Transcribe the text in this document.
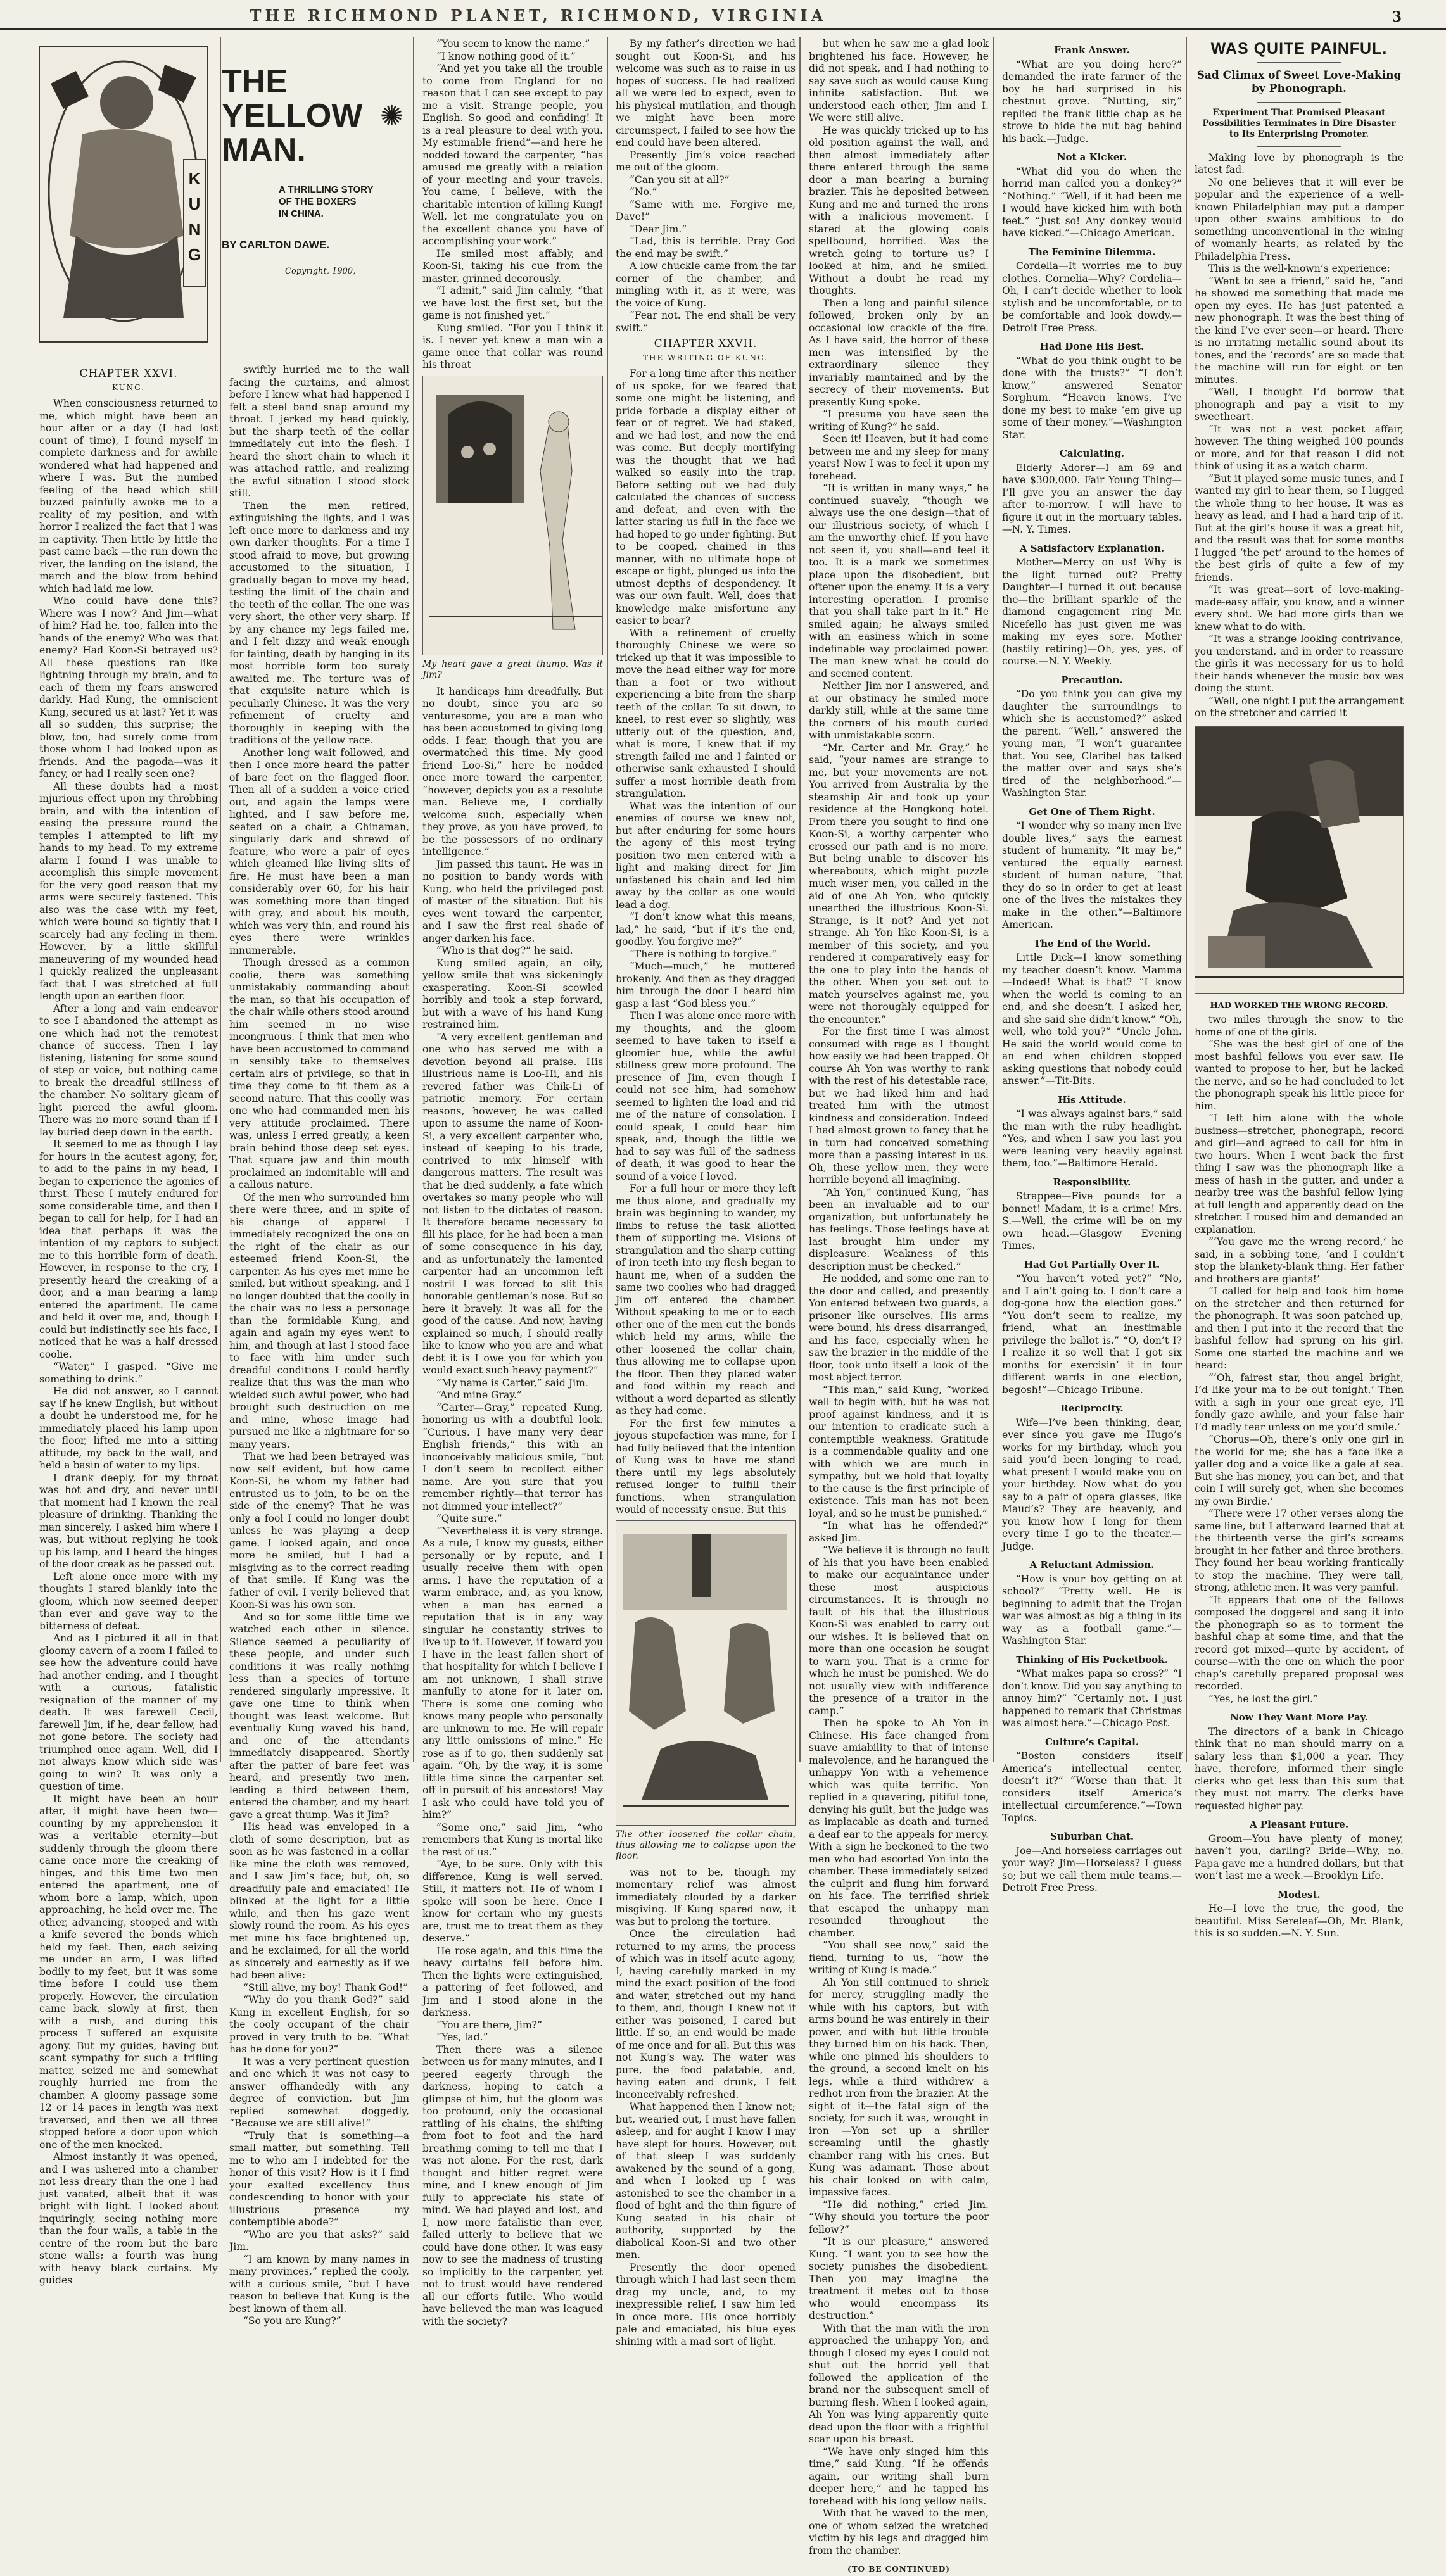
THE RICHMOND PLANET, RICHMOND, VIRGINIA	3
KUNG
THE
YELLOW
MAN.
A THRILLING STORY
OF THE BOXERS
IN CHINA.
BY CARLTON DAWE.
Copyright, 1900,
✺
CHAPTER XXVI.
KUNG.

When consciousness returned to me, which might have been an hour after or a day (I had lost count of time), I found myself in complete darkness and for awhile wondered what had happened and where I was. But the numbed feeling of the head which still buzzed painfully awoke me to a reality of my position, and with horror I realized the fact that I was in captivity. Then little by little the past came back —the run down the river, the landing on the island, the march and the blow from behind which had laid me low.

Who could have done this? Where was I now? And Jim—what of him? Had he, too, fallen into the hands of the enemy? Who was that enemy? Had Koon-Si betrayed us? All these questions ran like lightning through my brain, and to each of them my fears answered darkly. Had Kung, the omniscient Kung, secured us at last? Yet it was all so sudden, this surprise; the blow, too, had surely come from those whom I had looked upon as friends. And the pagoda—was it fancy, or had I really seen one?

All these doubts had a most injurious effect upon my throbbing brain, and with the intention of easing the pressure round the temples I attempted to lift my hands to my head. To my extreme alarm I found I was unable to accomplish this simple movement for the very good reason that my arms were securely fastened. This also was the case with my feet, which were bound so tightly that I scarcely had any feeling in them. However, by a little skillful maneuvering of my wounded head I quickly realized the unpleasant fact that I was stretched at full length upon an earthen floor.

After a long and vain endeavor to see I abandoned the attempt as one which had not the remotest chance of success. Then I lay listening, listening for some sound of step or voice, but nothing came to break the dreadful stillness of the chamber. No solitary gleam of light pierced the awful gloom. There was no more sound than if I lay buried deep down in the earth.

It seemed to me as though I lay for hours in the acutest agony, for, to add to the pains in my head, I began to experience the agonies of thirst. These I mutely endured for some considerable time, and then I began to call for help, for I had an idea that perhaps it was the intention of my captors to subject me to this horrible form of death. However, in response to the cry, I presently heard the creaking of a door, and a man bearing a lamp entered the apartment. He came and held it over me, and, though I could but indistinctly see his face, I noticed that he was a half dressed coolie.

“Water,” I gasped. “Give me something to drink.”

He did not answer, so I cannot say if he knew English, but without a doubt he understood me, for he immediately placed his lamp upon the floor, lifted me into a sitting attitude, my back to the wall, and held a basin of water to my lips.

I drank deeply, for my throat was hot and dry, and never until that moment had I known the real pleasure of drinking. Thanking the man sincerely, I asked him where I was, but without replying he took up his lamp, and I heard the hinges of the door creak as he passed out.

Left alone once more with my thoughts I stared blankly into the gloom, which now seemed deeper than ever and gave way to the bitterness of defeat.

And as I pictured it all in that gloomy cavern of a room I failed to see how the adventure could have had another ending, and I thought with a curious, fatalistic resignation of the manner of my death. It was farewell Cecil, farewell Jim, if he, dear fellow, had not gone before. The society had triumphed once again. Well, did I not always know which side was going to win? It was only a question of time.

It might have been an hour after, it might have been two—counting by my apprehension it was a veritable eternity—but suddenly through the gloom there came once more the creaking of hinges, and this time two men entered the apartment, one of whom bore a lamp, which, upon approaching, he held over me. The other, advancing, stooped and with a knife severed the bonds which held my feet. Then, each seizing me under an arm, I was lifted bodily to my feet, but it was some time before I could use them properly. However, the circulation came back, slowly at first, then with a rush, and during this process I suffered an exquisite agony. But my guides, having but scant sympathy for such a trifling matter, seized me and somewhat roughly hurried me from the chamber. A gloomy passage some 12 or 14 paces in length was next traversed, and then we all three stopped before a door upon which one of the men knocked.

Almost instantly it was opened, and I was ushered into a chamber not less dreary than the one I had just vacated, albeit that it was bright with light. I looked about inquiringly, seeing nothing more than the four walls, a table in the centre of the room but the bare stone walls; a fourth was hung with heavy black curtains. My guides

swiftly hurried me to the wall facing the curtains, and almost before I knew what had happened I felt a steel band snap around my throat. I jerked my head quickly, but the sharp teeth of the collar immediately cut into the flesh. I heard the short chain to which it was attached rattle, and realizing the awful situation I stood stock still.

Then the men retired, extinguishing the lights, and I was left once more to darkness and my own darker thoughts. For a time I stood afraid to move, but growing accustomed to the situation, I gradually began to move my head, testing the limit of the chain and the teeth of the collar. The one was very short, the other very sharp. If by any chance my legs failed me, and I felt dizzy and weak enough for fainting, death by hanging in its most horrible form too surely awaited me. The torture was of that exquisite nature which is peculiarly Chinese. It was the very refinement of cruelty and thoroughly in keeping with the traditions of the yellow race.

Another long wait followed, and then I once more heard the patter of bare feet on the flagged floor. Then all of a sudden a voice cried out, and again the lamps were lighted, and I saw before me, seated on a chair, a Chinaman, singularly dark and shrewd of feature, who wore a pair of eyes which gleamed like living slits of fire. He must have been a man considerably over 60, for his hair was something more than tinged with gray, and about his mouth, which was very thin, and round his eyes there were wrinkles innumerable.

Though dressed as a common coolie, there was something unmistakably commanding about the man, so that his occupation of the chair while others stood around him seemed in no wise incongruous. I think that men who have been accustomed to command in sensibly take to themselves certain airs of privilege, so that in time they come to fit them as a second nature. That this coolly was one who had commanded men his very attitude proclaimed. There was, unless I erred greatly, a keen brain behind those deep set eyes. That square jaw and thin mouth proclaimed an indomitable will and a callous nature.

Of the men who surrounded him there were three, and in spite of his change of apparel I immediately recognized the one on the right of the chair as our esteemed friend Koon-Si, the carpenter. As his eyes met mine he smiled, but without speaking, and I no longer doubted that the coolly in the chair was no less a personage than the formidable Kung, and again and again my eyes went to him, and though at last I stood face to face with him under such dreadful conditions I could hardly realize that this was the man who wielded such awful power, who had brought such destruction on me and mine, whose image had pursued me like a nightmare for so many years.

That we had been betrayed was now self evident, but how came Koon-Si, he whom my father had entrusted us to join, to be on the side of the enemy? That he was only a fool I could no longer doubt unless he was playing a deep game. I looked again, and once more he smiled, but I had a misgiving as to the correct reading of that smile. If Kung was the father of evil, I verily believed that Koon-Si was his own son.

And so for some little time we watched each other in silence. Silence seemed a peculiarity of these people, and under such conditions it was really nothing less than a species of torture rendered singularly impressive. It gave one time to think when thought was least welcome. But eventually Kung waved his hand, and one of the attendants immediately disappeared. Shortly after the patter of bare feet was heard, and presently two men, leading a third between them, entered the chamber, and my heart gave a great thump. Was it Jim?

His head was enveloped in a cloth of some description, but as soon as he was fastened in a collar like mine the cloth was removed, and I saw Jim’s face; but, oh, so dreadfully pale and emaciated! He blinked at the light for a little while, and then his gaze went slowly round the room. As his eyes met mine his face brightened up, and he exclaimed, for all the world as sincerely and earnestly as if we had been alive:

“Still alive, my boy! Thank God!”

“Why do you thank God?” said Kung in excellent English, for so the cooly occupant of the chair proved in very truth to be. “What has he done for you?”

It was a very pertinent question and one which it was not easy to answer offhandedly with any degree of conviction, but Jim replied somewhat doggedly, “Because we are still alive!”

“Truly that is something—a small matter, but something. Tell me to who am I indebted for the honor of this visit? How is it I find your exalted excellency thus condescending to honor with your illustrious presence my contemptible abode?”

“Who are you that asks?” said Jim.

“I am known by many names in many provinces,” replied the cooly, with a curious smile, “but I have reason to believe that Kung is the best known of them all.

“So you are Kung?”

“You seem to know the name.”

“I know nothing good of it.”

“And yet you take all the trouble to come from England for no reason that I can see except to pay me a visit. Strange people, you English. So good and confiding! It is a real pleasure to deal with you. My estimable friend”—and here he nodded toward the carpenter, “has amused me greatly with a relation of your meeting and your travels. You came, I believe, with the charitable intention of killing Kung! Well, let me congratulate you on the excellent chance you have of accomplishing your work.”

He smiled most affably, and Koon-Si, taking his cue from the master, grinned decorously.

“I admit,” said Jim calmly, “that we have lost the first set, but the game is not finished yet.”

Kung smiled. “For you I think it is. I never yet knew a man win a game once that collar was round his throat

My heart gave a great thump. Was it Jim?

It handicaps him dreadfully. But no doubt, since you are so venturesome, you are a man who has been accustomed to giving long odds. I fear, though that you are overmatched this time. My good friend Loo-Si,” here he nodded once more toward the carpenter, “however, depicts you as a resolute man. Believe me, I cordially welcome such, especially when they prove, as you have proved, to be the possessors of no ordinary intelligence.”

Jim passed this taunt. He was in no position to bandy words with Kung, who held the privileged post of master of the situation. But his eyes went toward the carpenter, and I saw the first real shade of anger darken his face.

“Who is that dog?” he said.

Kung smiled again, an oily, yellow smile that was sickeningly exasperating. Koon-Si scowled horribly and took a step forward, but with a wave of his hand Kung restrained him.

“A very excellent gentleman and one who has served me with a devotion beyond all praise. His illustrious name is Loo-Hi, and his revered father was Chik-Li of patriotic memory. For certain reasons, however, he was called upon to assume the name of Koon-Si, a very excellent carpenter who, instead of keeping to his trade, contrived to mix himself with dangerous matters. The result was that he died suddenly, a fate which overtakes so many people who will not listen to the dictates of reason. It therefore became necessary to fill his place, for he had been a man of some consequence in his day, and as unfortunately the lamented carpenter had an uncommon left nostril I was forced to slit this honorable gentleman’s nose. But so here it bravely. It was all for the good of the cause. And now, having explained so much, I should really like to know who you are and what debt it is I owe you for which you would exact such heavy payment?”

“My name is Carter,” said Jim.

“And mine Gray.”

“Carter—Gray,” repeated Kung, honoring us with a doubtful look. “Curious. I have many very dear English friends,” this with an inconceivably malicious smile, “but I don’t seem to recollect either name. Are you sure that you remember rightly—that terror has not dimmed your intellect?”

“Quite sure.”

“Nevertheless it is very strange. As a rule, I know my guests, either personally or by repute, and I usually receive them with open arms. I have the reputation of a warm embrace, and, as you know, when a man has earned a reputation that is in any way singular he constantly strives to live up to it. However, if toward you I have in the least fallen short of that hospitality for which I believe I am not unknown, I shall strive manfully to atone for it later on. There is some one coming who knows many people who personally are unknown to me. He will repair any little omissions of mine.” He rose as if to go, then suddenly sat again. “Oh, by the way, it is some little time since the carpenter set off in pursuit of his ancestors! May I ask who could have told you of him?”

“Some one,” said Jim, “who remembers that Kung is mortal like the rest of us.”

“Aye, to be sure. Only with this difference, Kung is well served. Still, it matters not. He of whom I spoke will soon be here. Once I know for certain who my guests are, trust me to treat them as they deserve.”

He rose again, and this time the heavy curtains fell before him. Then the lights were extinguished, a pattering of feet followed, and Jim and I stood alone in the darkness.

“You are there, Jim?”

“Yes, lad.”

Then there was a silence between us for many minutes, and I peered eagerly through the darkness, hoping to catch a glimpse of him, but the gloom was too profound, only the occasional rattling of his chains, the shifting from foot to foot and the hard breathing coming to tell me that I was not alone. For the rest, dark thought and bitter regret were mine, and I knew enough of Jim fully to appreciate his state of mind. We had played and lost, and I, now more fatalistic than ever, failed utterly to believe that we could have done other. It was easy now to see the madness of trusting so implicitly to the carpenter, yet not to trust would have rendered all our efforts futile. Who would have believed the man was leagued with the society?

By my father’s direction we had sought out Koon-Si, and his welcome was such as to raise in us hopes of success. He had realized all we were led to expect, even to his physical mutilation, and though we might have been more circumspect, I failed to see how the end could have been altered.

Presently Jim’s voice reached me out of the gloom.

“Can you sit at all?”

“No.”

“Same with me. Forgive me, Dave!”

“Dear Jim.”

“Lad, this is terrible. Pray God the end may be swift.”

A low chuckle came from the far corner of the chamber, and mingling with it, as it were, was the voice of Kung.

“Fear not. The end shall be very swift.”

CHAPTER XXVII.
THE WRITING OF KUNG.

For a long time after this neither of us spoke, for we feared that some one might be listening, and pride forbade a display either of fear or of regret. We had staked, and we had lost, and now the end was come. But deeply mortifying was the thought that we had walked so easily into the trap. Before setting out we had duly calculated the chances of success and defeat, and even with the latter staring us full in the face we had hoped to go under fighting. But to be cooped, chained in this manner, with no ultimate hope of escape or fight, plunged us into the utmost depths of despondency. It was our own fault. Well, does that knowledge make misfortune any easier to bear?

With a refinement of cruelty thoroughly Chinese we were so tricked up that it was impossible to move the head either way for more than a foot or two without experiencing a bite from the sharp teeth of the collar. To sit down, to kneel, to rest ever so slightly, was utterly out of the question, and, what is more, I knew that if my strength failed me and I fainted or otherwise sank exhausted I should suffer a most horrible death from strangulation.

What was the intention of our enemies of course we knew not, but after enduring for some hours the agony of this most trying position two men entered with a light and making direct for Jim unfastened his chain and led him away by the collar as one would lead a dog.

“I don’t know what this means, lad,” he said, “but if it’s the end, goodby. You forgive me?”

“There is nothing to forgive.”

“Much—much,” he muttered brokenly. And then as they dragged him through the door I heard him gasp a last “God bless you.”

Then I was alone once more with my thoughts, and the gloom seemed to have taken to itself a gloomier hue, while the awful stillness grew more profound. The presence of Jim, even though I could not see him, had somehow seemed to lighten the load and rid me of the nature of consolation. I could speak, I could hear him speak, and, though the little we had to say was full of the sadness of death, it was good to hear the sound of a voice I loved.

For a full hour or more they left me thus alone, and gradually my brain was beginning to wander, my limbs to refuse the task allotted them of supporting me. Visions of strangulation and the sharp cutting of iron teeth into my flesh began to haunt me, when of a sudden the same two coolies who had dragged Jim off entered the chamber. Without speaking to me or to each other one of the men cut the bonds which held my arms, while the other loosened the collar chain, thus allowing me to collapse upon the floor. Then they placed water and food within my reach and without a word departed as silently as they had come.

For the first few minutes a joyous stupefaction was mine, for I had fully believed that the intention of Kung was to have me stand there until my legs absolutely refused longer to fulfill their functions, when strangulation would of necessity ensue. But this

The other loosened the collar chain, thus allowing me to collapse upon the floor.

was not to be, though my momentary relief was almost immediately clouded by a darker misgiving. If Kung spared now, it was but to prolong the torture.

Once the circulation had returned to my arms, the process of which was in itself acute agony, I, having carefully marked in my mind the exact position of the food and water, stretched out my hand to them, and, though I knew not if either was poisoned, I cared but little. If so, an end would be made of me once and for all. But this was not Kung’s way. The water was pure, the food palatable, and, having eaten and drunk, I felt inconceivably refreshed.

What happened then I know not; but, wearied out, I must have fallen asleep, and for aught I know I may have slept for hours. However, out of that sleep I was suddenly awakened by the sound of a gong, and when I looked up I was astonished to see the chamber in a flood of light and the thin figure of Kung seated in his chair of authority, supported by the diabolical Koon-Si and two other men.

Presently the door opened through which I had last seen them drag my uncle, and, to my inexpressible relief, I saw him led in once more. His once horribly pale and emaciated, his blue eyes shining with a mad sort of light.

but when he saw me a glad look brightened his face. However, he did not speak, and I had nothing to say save such as would cause Kung infinite satisfaction. But we understood each other, Jim and I. We were still alive.

He was quickly tricked up to his old position against the wall, and then almost immediately after there entered through the same door a man bearing a burning brazier. This he deposited between Kung and me and turned the irons with a malicious movement. I stared at the glowing coals spellbound, horrified. Was the wretch going to torture us? I looked at him, and he smiled. Without a doubt he read my thoughts.

Then a long and painful silence followed, broken only by an occasional low crackle of the fire. As I have said, the horror of these men was intensified by the extraordinary silence they invariably maintained and by the secrecy of their movements. But presently Kung spoke.

“I presume you have seen the writing of Kung?” he said.

Seen it! Heaven, but it had come between me and my sleep for many years! Now I was to feel it upon my forehead.

“It is written in many ways,” he continued suavely, “though we always use the one design—that of our illustrious society, of which I am the unworthy chief. If you have not seen it, you shall—and feel it too. It is a mark we sometimes place upon the disobedient, but oftener upon the enemy. It is a very interesting operation. I promise that you shall take part in it.” He smiled again; he always smiled with an easiness which in some indefinable way proclaimed power. The man knew what he could do and seemed content.

Neither Jim nor I answered, and at our obstinacy he smiled more darkly still, while at the same time the corners of his mouth curled with unmistakable scorn.

“Mr. Carter and Mr. Gray,” he said, “your names are strange to me, but your movements are not. You arrived from Australia by the steamship Air and took up your residence at the Hongkong hotel. From there you sought to find one Koon-Si, a worthy carpenter who crossed our path and is no more. But being unable to discover his whereabouts, which might puzzle much wiser men, you called in the aid of one Ah Yon, who quickly unearthed the illustrious Koon-Si. Strange, is it not? And yet not strange. Ah Yon like Koon-Si, is a member of this society, and you rendered it comparatively easy for the one to play into the hands of the other. When you set out to match yourselves against me, you were not thoroughly equipped for the encounter.”

For the first time I was almost consumed with rage as I thought how easily we had been trapped. Of course Ah Yon was worthy to rank with the rest of his detestable race, but we had liked him and had treated him with the utmost kindness and consideration. Indeed I had almost grown to fancy that he in turn had conceived something more than a passing interest in us. Oh, these yellow men, they were horrible beyond all imagining.

“Ah Yon,” continued Kung, “has been an invaluable aid to our organization, but unfortunately he has feelings. Those feelings have at last brought him under my displeasure. Weakness of this description must be checked.”

He nodded, and some one ran to the door and called, and presently Yon entered between two guards, a prisoner like ourselves. His arms were bound, his dress disarranged, and his face, especially when he saw the brazier in the middle of the floor, took unto itself a look of the most abject terror.

“This man,” said Kung, “worked well to begin with, but he was not proof against kindness, and it is our intention to eradicate such a contemptible weakness. Gratitude is a commendable quality and one with which we are much in sympathy, but we hold that loyalty to the cause is the first principle of existence. This man has not been loyal, and so he must be punished.”

“In what has he offended?” asked Jim.

“We believe it is through no fault of his that you have been enabled to make our acquaintance under these most auspicious circumstances. It is through no fault of his that the illustrious Koon-Si was enabled to carry out our wishes. It is believed that on more than one occasion he sought to warn you. That is a crime for which he must be punished. We do not usually view with indifference the presence of a traitor in the camp.”

Then he spoke to Ah Yon in Chinese. His face changed from suave amiability to that of intense malevolence, and he harangued the unhappy Yon with a vehemence which was quite terrific. Yon replied in a quavering, pitiful tone, denying his guilt, but the judge was as implacable as death and turned a deaf ear to the appeals for mercy. With a sign he beckoned to the two men who had escorted Yon into the chamber. These immediately seized the culprit and flung him forward on his face. The terrified shriek that escaped the unhappy man resounded throughout the chamber.

“You shall see now,” said the fiend, turning to us, “how the writing of Kung is made.”

Ah Yon still continued to shriek for mercy, struggling madly the while with his captors, but with arms bound he was entirely in their power, and with but little trouble they turned him on his back. Then, while one pinned his shoulders to the ground, a second knelt on his legs, while a third withdrew a redhot iron from the brazier. At the sight of it—the fatal sign of the society, for such it was, wrought in iron —Yon set up a shriller screaming until the ghastly chamber rang with his cries. But Kung was adamant. Those about his chair looked on with calm, impassive faces.

“He did nothing,” cried Jim. “Why should you torture the poor fellow?”

“It is our pleasure,” answered Kung. “I want you to see how the society punishes the disobedient. Then you may imagine the treatment it metes out to those who would encompass its destruction.”

With that the man with the iron approached the unhappy Yon, and though I closed my eyes I could not shut out the horrid yell that followed the application of the brand nor the subsequent smell of burning flesh. When I looked again, Ah Yon was lying apparently quite dead upon the floor with a frightful scar upon his breast.

“We have only singed him this time,” said Kung. “If he offends again, our writing shall burn deeper here,” and he tapped his forehead with his long yellow nails.

With that he waved to the men, one of whom seized the wretched victim by his legs and dragged him from the chamber.

(TO BE CONTINUED)
Frank Answer.

“What are you doing here?” demanded the irate farmer of the boy he had surprised in his chestnut grove. “Nutting, sir,” replied the frank little chap as he strove to hide the nut bag behind his back.—Judge.

Not a Kicker.

“What did you do when the horrid man called you a donkey?” “Nothing.” “Well, if it had been me I would have kicked him with both feet.” “Just so! Any donkey would have kicked.”—Chicago American.

The Feminine Dilemma.

Cordelia—It worries me to buy clothes. Cornelia—Why? Cordelia—Oh, I can’t decide whether to look stylish and be uncomfortable, or to be comfortable and look dowdy.—Detroit Free Press.

Had Done His Best.

“What do you think ought to be done with the trusts?” “I don’t know,” answered Senator Sorghum. “Heaven knows, I’ve done my best to make ’em give up some of their money.”—Washington Star.

Calculating.

Elderly Adorer—I am 69 and have $300,000. Fair Young Thing—I’ll give you an answer the day after to-morrow. I will have to figure it out in the mortuary tables.—N. Y. Times.

A Satisfactory Explanation.

Mother—Mercy on us! Why is the light turned out? Pretty Daughter—I turned it out because the—the brilliant sparkle of the diamond engagement ring Mr. Nicefello has just given me was making my eyes sore. Mother (hastily retiring)—Oh, yes, yes, of course.—N. Y. Weekly.

Precaution.

“Do you think you can give my daughter the surroundings to which she is accustomed?” asked the parent. “Well,” answered the young man, “I won’t guarantee that. You see, Claribel has talked the matter over and says she’s tired of the neighborhood.”—Washington Star.

Get One of Them Right.

“I wonder why so many men live double lives,” says the earnest student of humanity. “It may be,” ventured the equally earnest student of human nature, “that they do so in order to get at least one of the lives the mistakes they make in the other.”—Baltimore American.

The End of the World.

Little Dick—I know something my teacher doesn’t know. Mamma—Indeed! What is that? “I know when the world is coming to an end, and she doesn’t. I asked her, and she said she didn’t know.” “Oh, well, who told you?” “Uncle John. He said the world would come to an end when children stopped asking questions that nobody could answer.”—Tit-Bits.

His Attitude.

“I was always against bars,” said the man with the ruby headlight. “Yes, and when I saw you last you were leaning very heavily against them, too.”—Baltimore Herald.

Responsibility.

Strappee—Five pounds for a bonnet! Madam, it is a crime! Mrs. S.—Well, the crime will be on my own head.—Glasgow Evening Times.

Had Got Partially Over It.

“You haven’t voted yet?” “No, and I ain’t going to. I don’t care a dog-gone how the election goes.” “You don’t seem to realize, my friend, what an inestimable privilege the ballot is.” “O, don’t I? I realize it so well that I got six months for exercisin’ it in four different wards in one election, begosh!”—Chicago Tribune.

Reciprocity.

Wife—I’ve been thinking, dear, ever since you gave me Hugo’s works for my birthday, which you said you’d been longing to read, what present I would make you on your birthday. Now what do you say to a pair of opera glasses, like Maud’s? They are heavenly, and you know how I long for them every time I go to the theater.—Judge.

A Reluctant Admission.

“How is your boy getting on at school?” “Pretty well. He is beginning to admit that the Trojan war was almost as big a thing in its way as a football game.”—Washington Star.

Thinking of His Pocketbook.

“What makes papa so cross?” “I don’t know. Did you say anything to annoy him?” “Certainly not. I just happened to remark that Christmas was almost here.”—Chicago Post.

Culture’s Capital.

“Boston considers itself America’s intellectual center, doesn’t it?” “Worse than that. It considers itself America’s intellectual circumference.”—Town Topics.

Suburban Chat.

Joe—And horseless carriages out your way? Jim—Horseless? I guess so; but we call them mule teams.—Detroit Free Press.

WAS QUITE PAINFUL.
Sad Climax of Sweet Love-Making by Phonograph.
Experiment That Promised Pleasant Possibilities Terminates in Dire Disaster to Its Enterprising Promoter.

Making love by phonograph is the latest fad.

No one believes that it will ever be popular and the experience of a well-known Philadelphian may put a damper upon other swains ambitious to do something unconventional in the wining of womanly hearts, as related by the Philadelphia Press.

This is the well-known’s experience:

“Went to see a friend,” said he, “and he showed me something that made me open my eyes. He has just patented a new phonograph. It was the best thing of the kind I’ve ever seen—or heard. There is no irritating metallic sound about its tones, and the ‘records’ are so made that the machine will run for eight or ten minutes.

“Well, I thought I’d borrow that phonograph and pay a visit to my sweetheart.

“It was not a vest pocket affair, however. The thing weighed 100 pounds or more, and for that reason I did not think of using it as a watch charm.

“But it played some music tunes, and I wanted my girl to hear them, so I lugged the whole thing to her house. It was as heavy as lead, and I had a hard trip of it. But at the girl’s house it was a great hit, and the result was that for some months I lugged ‘the pet’ around to the homes of the best girls of quite a few of my friends.

“It was great—sort of love-making-made-easy affair, you know, and a winner every shot. We had more girls than we knew what to do with.

“It was a strange looking contrivance, you understand, and in order to reassure the girls it was necessary for us to hold their hands whenever the music box was doing the stunt.

“Well, one night I put the arrangement on the stretcher and carried it

HAD WORKED THE WRONG RECORD.

two miles through the snow to the home of one of the girls.

“She was the best girl of one of the most bashful fellows you ever saw. He wanted to propose to her, but he lacked the nerve, and so he had concluded to let the phonograph speak his little piece for him.

“I left him alone with the whole business—stretcher, phonograph, record and girl—and agreed to call for him in two hours. When I went back the first thing I saw was the phonograph like a mess of hash in the gutter, and under a nearby tree was the bashful fellow lying at full length and apparently dead on the stretcher. I roused him and demanded an explanation.

“‘You gave me the wrong record,’ he said, in a sobbing tone, ‘and I couldn’t stop the blankety-blank thing. Her father and brothers are giants!’

“I called for help and took him home on the stretcher and then returned for the phonograph. It was soon patched up, and then I put into it the record that the bashful fellow had sprung on his girl. Some one started the machine and we heard:

“‘Oh, fairest star, thou angel bright, I’d like your ma to be out tonight.’ Then with a sigh in your one great eye, I’ll fondly gaze awhile, and your false hair I’d madly tear unless on me you’d smile.’

“Chorus—Oh, there’s only one girl in the world for me; she has a face like a yaller dog and a voice like a gale at sea. But she has money, you can bet, and that coin I will surely get, when she becomes my own Birdie.’

“There were 17 other verses along the same line, but I afterward learned that at the thirteenth verse the girl’s screams brought in her father and three brothers. They found her beau working frantically to stop the machine. They were tall, strong, athletic men. It was very painful.

“It appears that one of the fellows composed the doggerel and sang it into the phonograph so as to torment the bashful chap at some time, and that the record got mixed—quite by accident, of course—with the one on which the poor chap’s carefully prepared proposal was recorded.

“Yes, he lost the girl.”

Now They Want More Pay.

The directors of a bank in Chicago think that no man should marry on a salary less than $1,000 a year. They have, therefore, informed their single clerks who get less than this sum that they must not marry. The clerks have requested higher pay.

A Pleasant Future.

Groom—You have plenty of money, haven’t you, darling? Bride—Why, no. Papa gave me a hundred dollars, but that won’t last me a week.—Brooklyn Life.

Modest.

He—I love the true, the good, the beautiful. Miss Sereleaf—Oh, Mr. Blank, this is so sudden.—N. Y. Sun.
